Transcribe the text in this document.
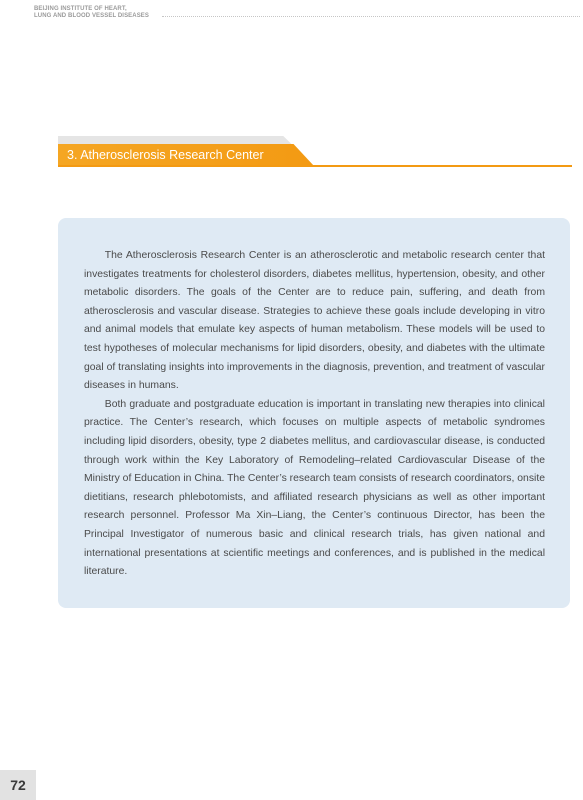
BEIJING INSTITUTE OF HEART,
LUNG AND BLOOD VESSEL DISEASES
3. Atherosclerosis Research Center

The Atherosclerosis Research Center is an atherosclerotic and metabolic research center that investigates treatments for cholesterol disorders, diabetes mellitus, hypertension, obesity, and other metabolic disorders. The goals of the Center are to reduce pain, suffering, and death from atherosclerosis and vascular disease. Strategies to achieve these goals include developing in vitro and animal models that emulate key aspects of human metabolism. These models will be used to test hypotheses of molecular mechanisms for lipid disorders, obesity, and diabetes with the ultimate goal of translating insights into improvements in the diagnosis, prevention, and treatment of vascular diseases in humans.

Both graduate and postgraduate education is important in translating new therapies into clinical practice. The Center’s research, which focuses on multiple aspects of metabolic syndromes including lipid disorders, obesity, type 2 diabetes mellitus, and cardiovascular disease, is conducted through work within the Key Laboratory of Remodeling–related Cardiovascular Disease of the Ministry of Education in China. The Center’s research team consists of research coordinators, onsite dietitians, research phlebotomists, and affiliated research physicians as well as other important research personnel. Professor Ma Xin–Liang, the Center’s continuous Director, has been the Principal Investigator of numerous basic and clinical research trials, has given national and international presentations at scientific meetings and conferences, and is published in the medical literature.

72
